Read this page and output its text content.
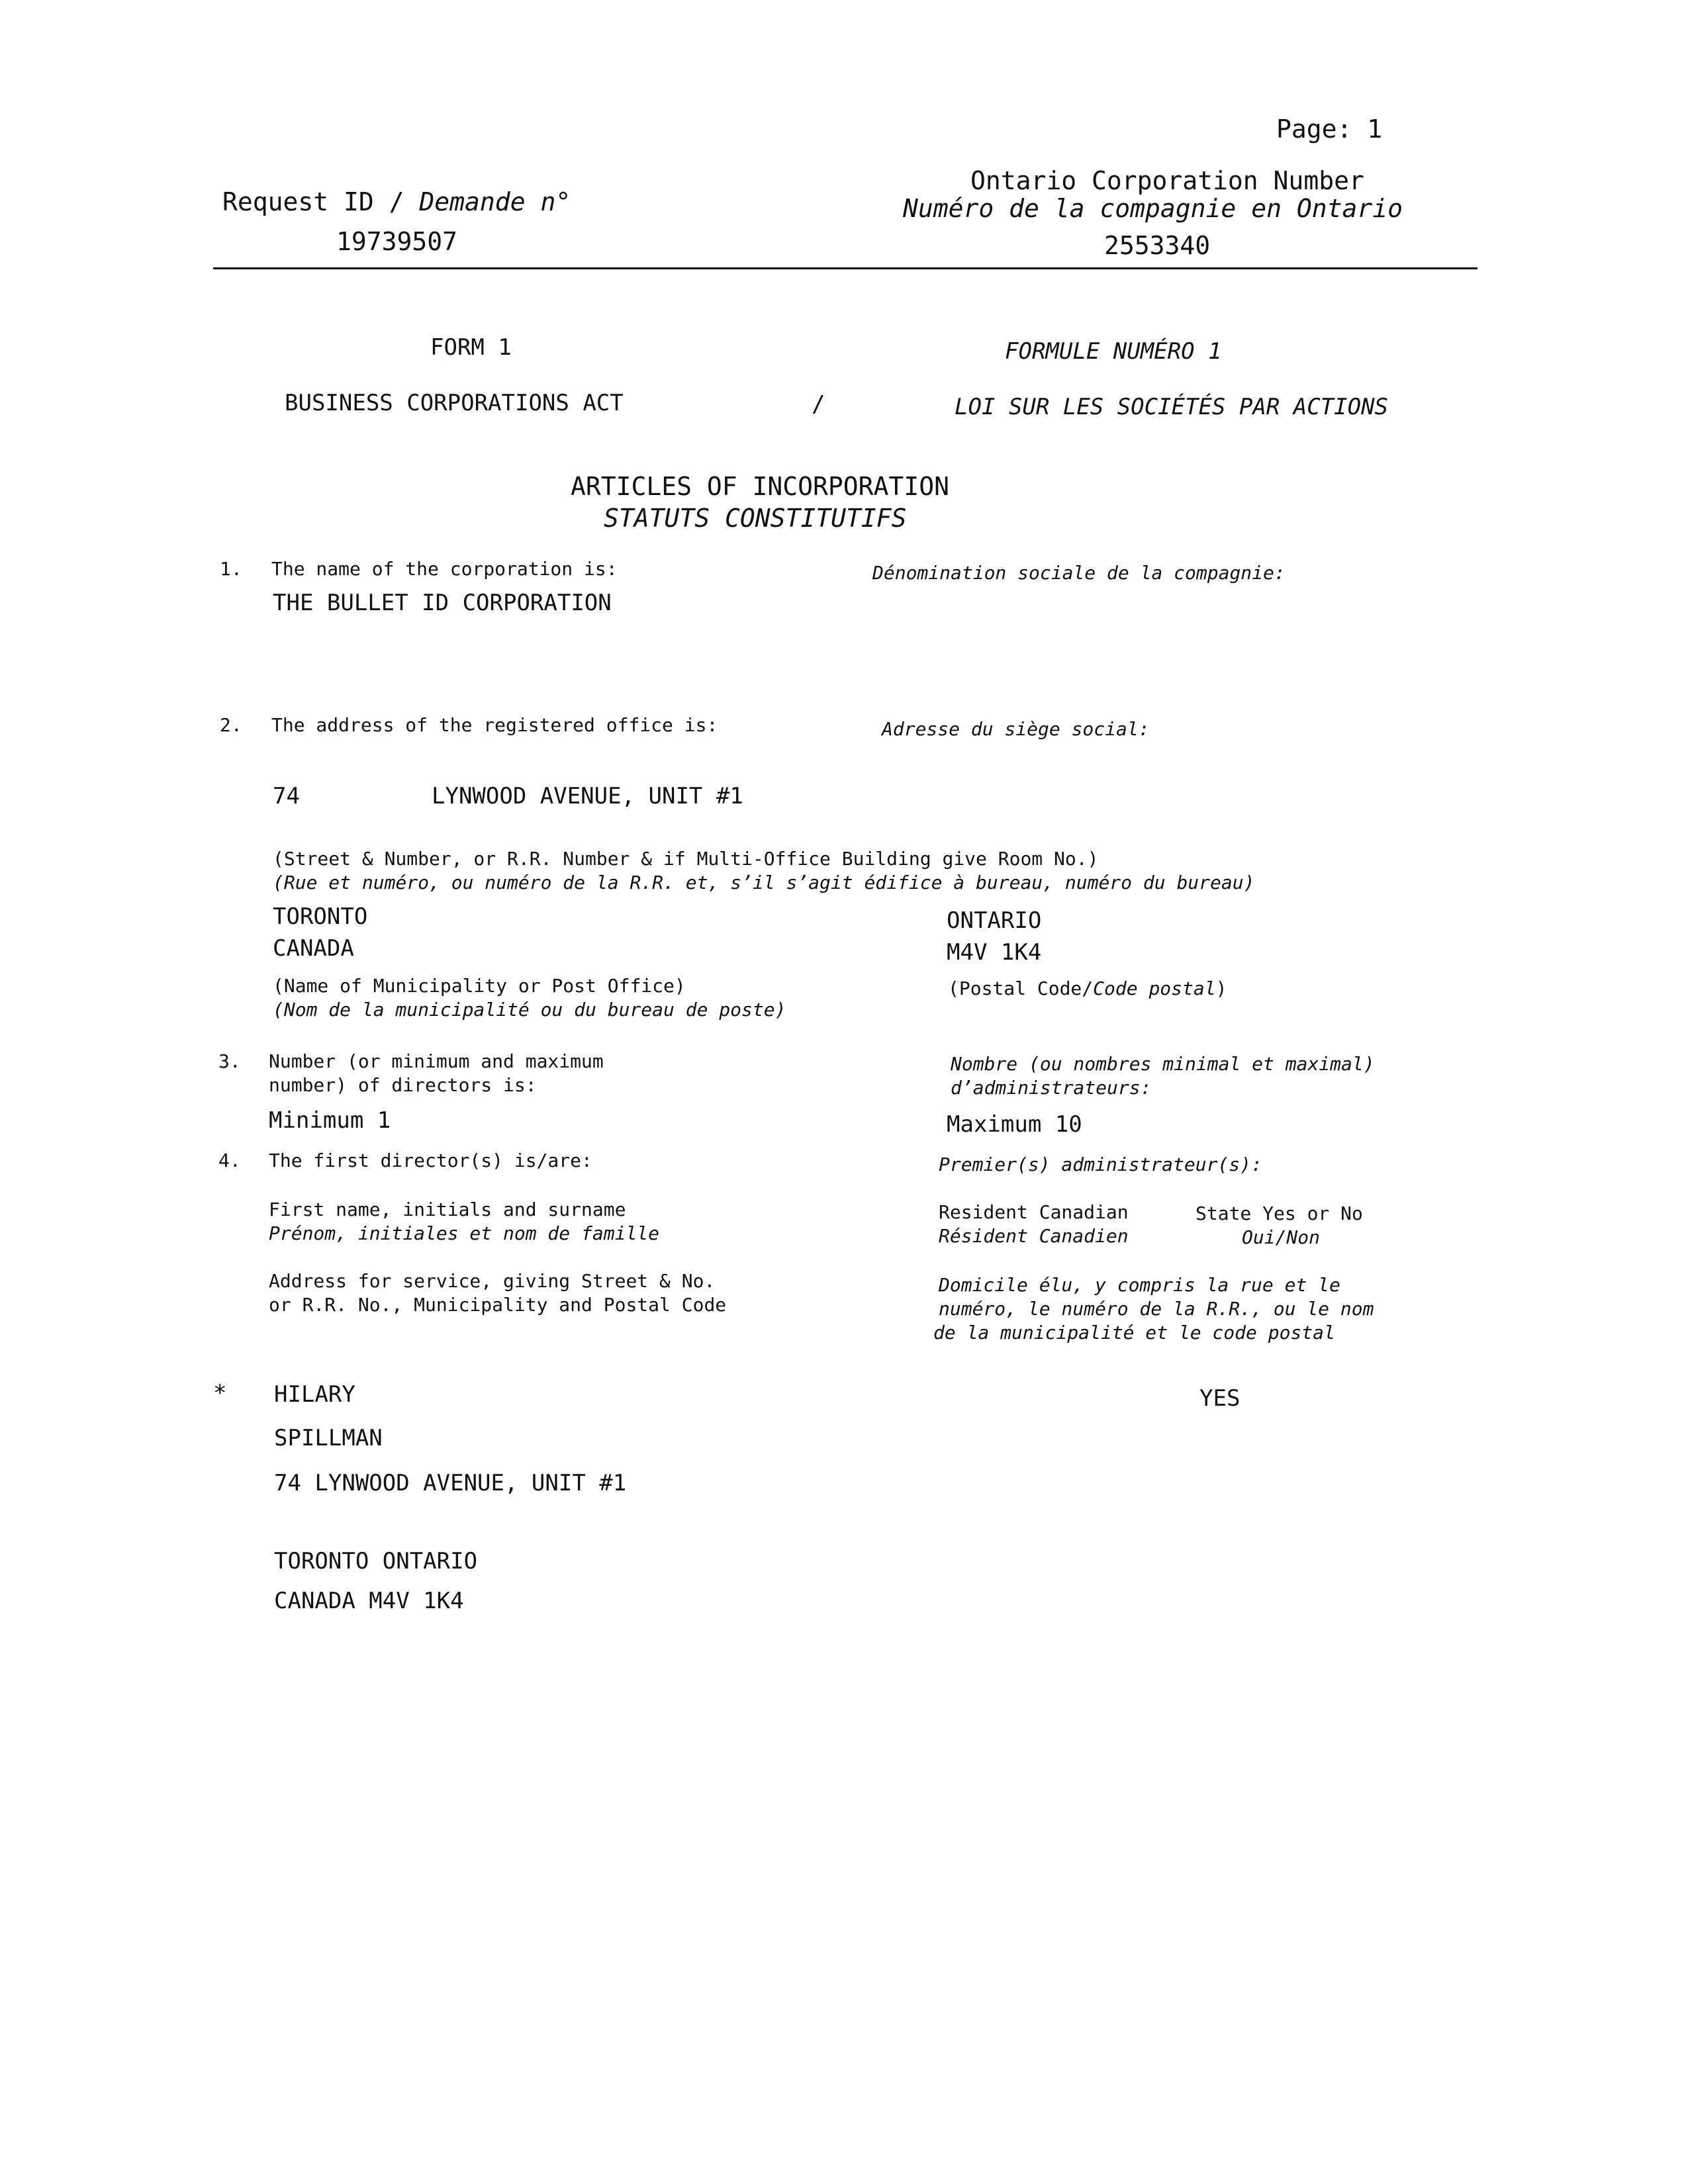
Page: 1
Request ID / Demande n°
19739507
Ontario Corporation Number
Numéro de la compagnie en Ontario
2553340
FORM 1	FORMULE NUMÉRO 1
BUSINESS CORPORATIONS ACT	/	LOI SUR LES SOCIÉTÉS PAR ACTIONS
ARTICLES OF INCORPORATION
STATUTS CONSTITUTIFS
1. The name of the corporation is:	Dénomination sociale de la compagnie:
THE BULLET ID CORPORATION
2. The address of the registered office is:	Adresse du siège social:
74	LYNWOOD AVENUE, UNIT #1
(Street & Number, or R.R. Number & if Multi-Office Building give Room No.)
(Rue et numéro, ou numéro de la R.R. et, s’il s’agit édifice à bureau, numéro du bureau)
TORONTO	ONTARIO
CANADA	M4V 1K4
(Name of Municipality or Post Office)
(Nom de la municipalité ou du bureau de poste)
(Postal Code/Code postal)
3. Number (or minimum and maximum
number) of directors is:
Nombre (ou nombres minimal et maximal)
d’administrateurs:
Minimum 1	Maximum 10
4. The first director(s) is/are:	Premier(s) administrateur(s):
First name, initials and surname
Prénom, initiales et nom de famille
Resident Canadian
Résident Canadien
State Yes or No
Oui/Non
Address for service, giving Street & No.
or R.R. No., Municipality and Postal Code
Domicile élu, y compris la rue et le
numéro, le numéro de la R.R., ou le nom
de la municipalité et le code postal
* HILARY	YES
SPILLMAN
74 LYNWOOD AVENUE, UNIT #1
TORONTO ONTARIO
CANADA M4V 1K4
